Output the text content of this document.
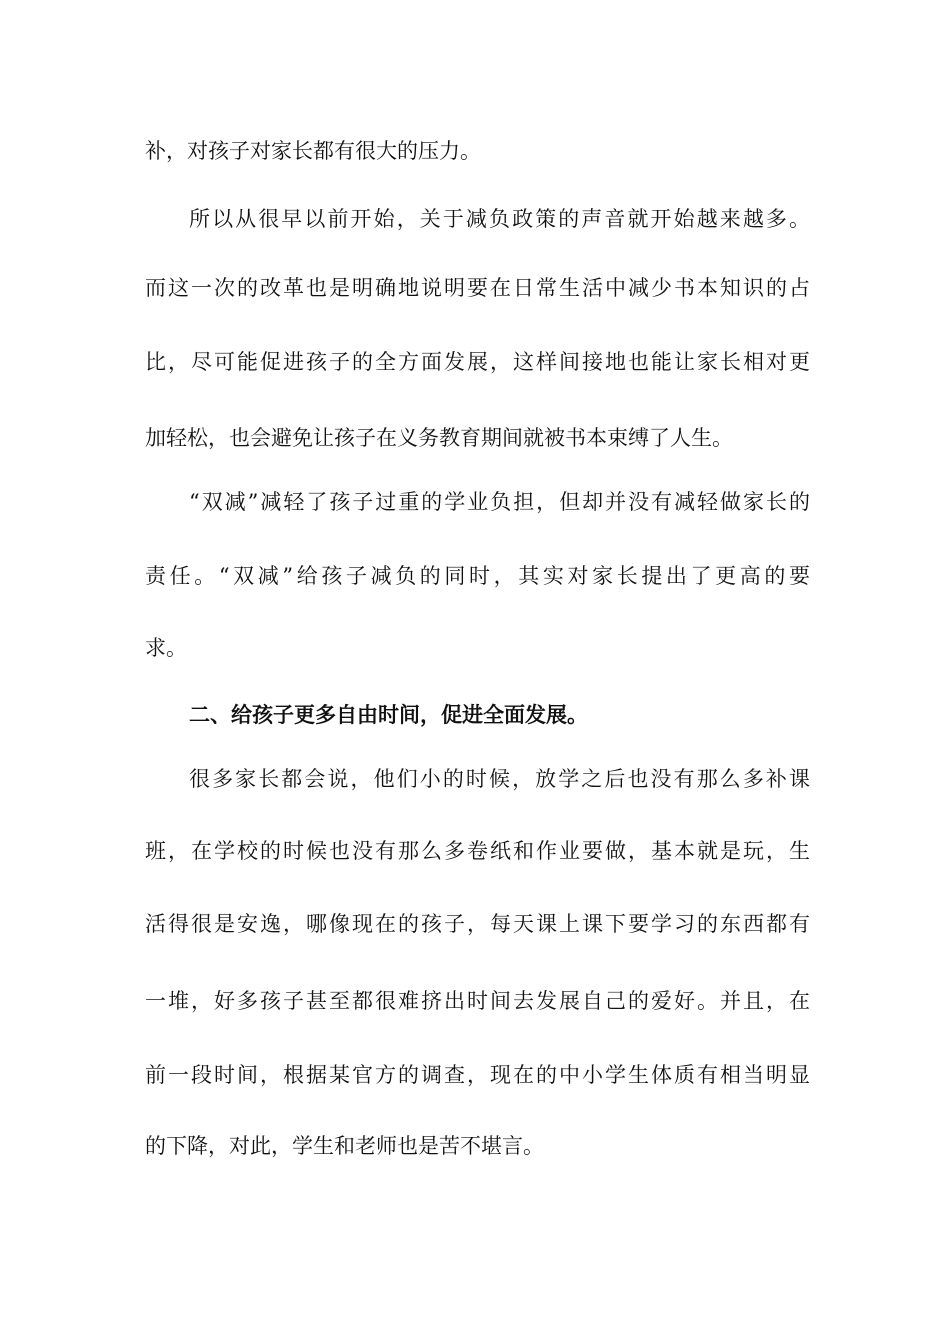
补，对孩子对家长都有很大的压力。
所以从很早以前开始，关于减负政策的声音就开始越来越多。
而这一次的改革也是明确地说明要在日常生活中减少书本知识的占
比，尽可能促进孩子的全方面发展，这样间接地也能让家长相对更
加轻松，也会避免让孩子在义务教育期间就被书本束缚了人生。
“双减”减轻了孩子过重的学业负担，但却并没有减轻做家长的
责任。“双减”给孩子减负的同时，其实对家长提出了更高的要
求。
二、给孩子更多自由时间，促进全面发展。
很多家长都会说，他们小的时候，放学之后也没有那么多补课
班，在学校的时候也没有那么多卷纸和作业要做，基本就是玩，生
活得很是安逸，哪像现在的孩子，每天课上课下要学习的东西都有
一堆，好多孩子甚至都很难挤出时间去发展自己的爱好。并且，在
前一段时间，根据某官方的调查，现在的中小学生体质有相当明显
的下降，对此，学生和老师也是苦不堪言。
